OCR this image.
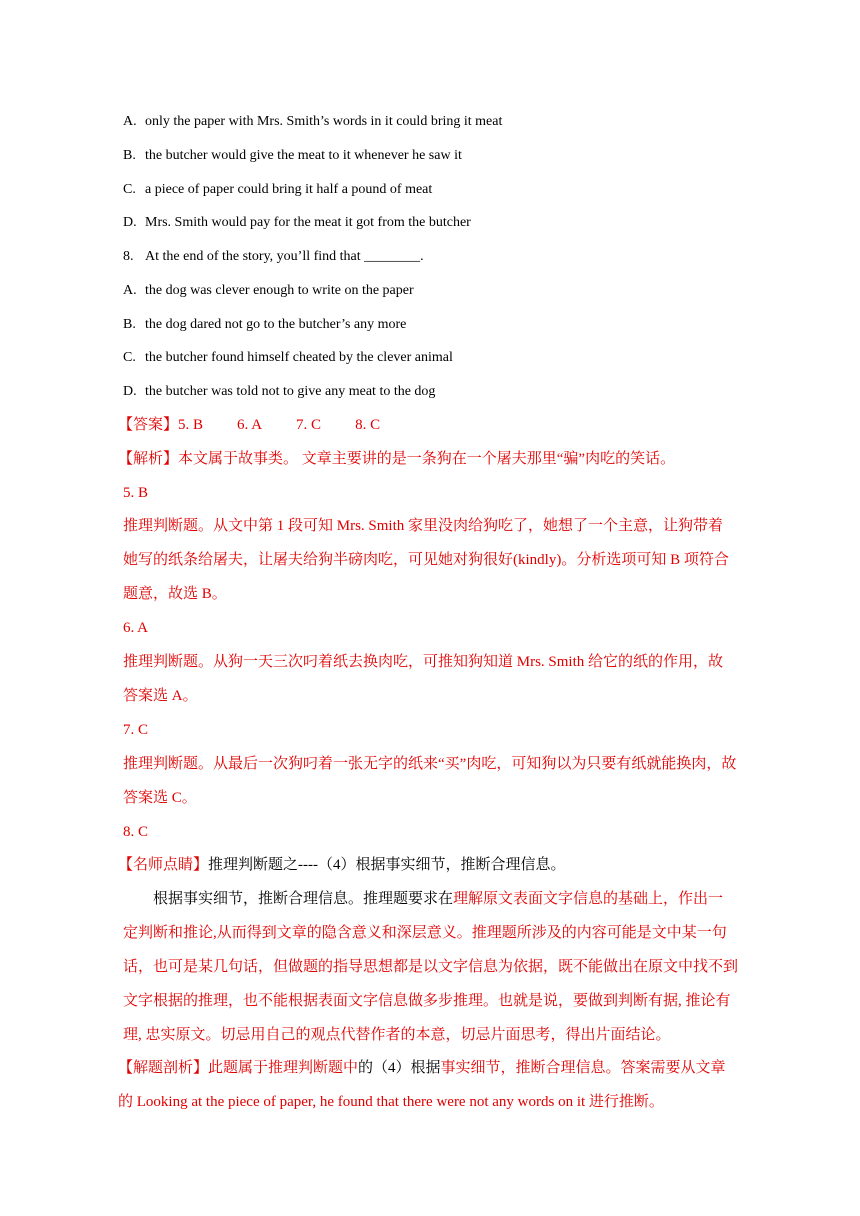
A. only the paper with Mrs. Smith’s words in it could bring it meat
B. the butcher would give the meat to it whenever he saw it
C. a piece of paper could bring it half a pound of meat
D. Mrs. Smith would pay for the meat it got from the butcher
8. At the end of the story, you’ll find that ________.
A. the dog was clever enough to write on the paper
B. the dog dared not go to the butcher’s any more
C. the butcher found himself cheated by the clever animal
D. the butcher was told not to give any meat to the dog
【答案】5. B 6. A 7. C 8. C
【解析】本文属于故事类。 文章主要讲的是一条狗在一个屠夫那里“骗”肉吃的笑话。
5. B
推理判断题。从文中第 1 段可知 Mrs. Smith 家里没肉给狗吃了，她想了一个主意，让狗带着她写的纸条给屠夫，让屠夫给狗半磅肉吃，可见她对狗很好(kindly)。分析选项可知 B 项符合题意，故选 B。
6. A
推理判断题。从狗一天三次叼着纸去换肉吃，可推知狗知道 Mrs. Smith 给它的纸的作用，故答案选 A。
7. C
推理判断题。从最后一次狗叼着一张无字的纸来“买”肉吃，可知狗以为只要有纸就能换肉，故答案选 C。
8. C
【名师点睛】推理判断题之----（4）根据事实细节，推断合理信息。
根据事实细节，推断合理信息。推理题要求在理解原文表面文字信息的基础上，作出一定判断和推论,从而得到文章的隐含意义和深层意义。推理题所涉及的内容可能是文中某一句话，也可是某几句话，但做题的指导思想都是以文字信息为依据，既不能做出在原文中找不到文字根据的推理，也不能根据表面文字信息做多步推理。也就是说，要做到判断有据, 推论有理, 忠实原文。切忌用自己的观点代替作者的本意，切忌片面思考，得出片面结论。
【解题剖析】此题属于推理判断题中的（4）根据事实细节，推断合理信息。答案需要从文章的 Looking at the piece of paper, he found that there were not any words on it 进行推断。
